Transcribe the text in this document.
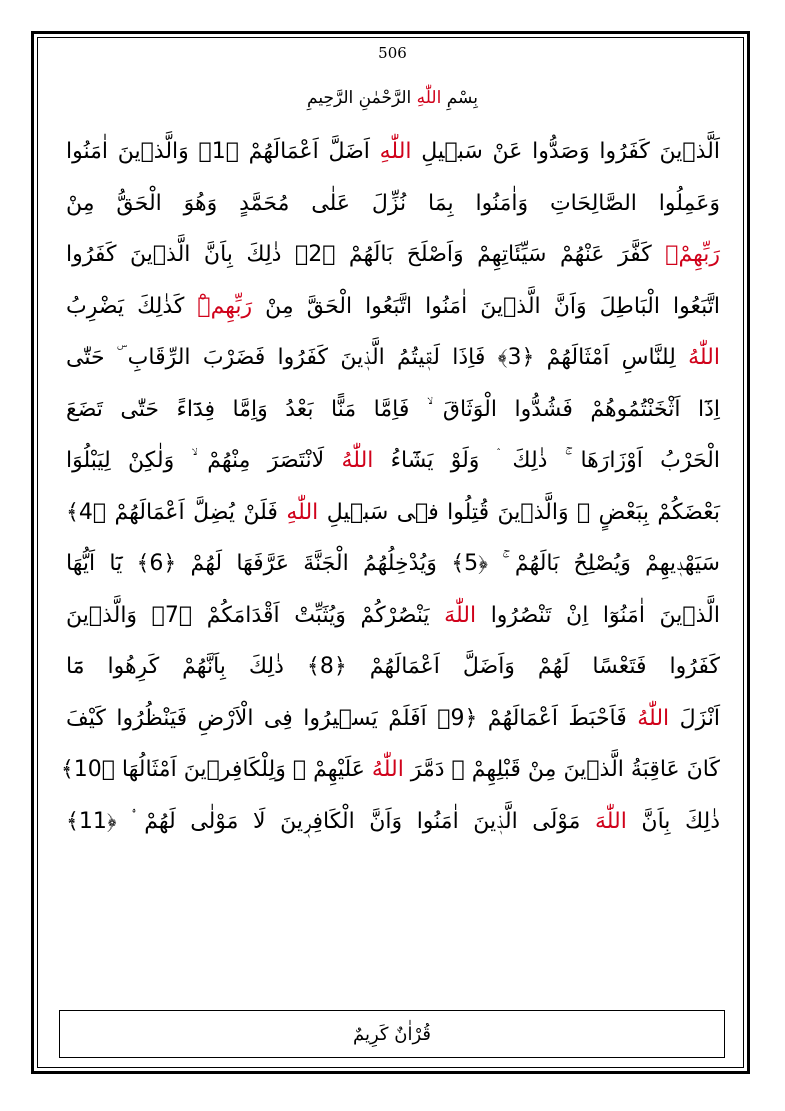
506
بِسْمِ اللّٰهِ الرَّحْمٰنِ الرَّحِيمِ
اَلَّذٖينَ كَفَرُوا وَصَدُّوا عَنْ سَبٖيلِ اللّٰهِ اَضَلَّ اَعْمَالَهُمْ ﴿1﴾ وَالَّذٖينَ اٰمَنُوا
وَعَمِلُوا الصَّالِحَاتِ وَاٰمَنُوا بِمَا نُزِّلَ عَلٰى مُحَمَّدٍ وَهُوَ الْحَقُّ مِنْ
رَبِّهِمْۙ كَفَّرَ عَنْهُمْ سَيِّئَاتِهِمْ وَاَصْلَحَ بَالَهُمْ ﴿2﴾ ذٰلِكَ بِاَنَّ الَّذٖينَ كَفَرُوا
اتَّبَعُوا الْبَاطِلَ وَاَنَّ الَّذٖينَ اٰمَنُوا اتَّبَعُوا الْحَقَّ مِنْ رَبِّهِمْۜ كَذٰلِكَ يَضْرِبُ
اللّٰهُ لِلنَّاسِ اَمْثَالَهُمْ ﴿3﴾ فَاِذَا لَقٖيتُمُ الَّذٖينَ كَفَرُوا فَضَرْبَ الرِّقَابِ ۜ حَتّٰى
اِذَٓا اَثْخَنْتُمُوهُمْ فَشُدُّوا الْوَثَاقَ ۙ فَاِمَّا مَنًّا بَعْدُ وَاِمَّا فِدَٓاءً حَتّٰى تَضَعَ
الْحَرْبُ اَوْزَارَهَا ۚ ذٰلِكَ ۛ وَلَوْ يَشَٓاءُ اللّٰهُ لَانْتَصَرَ مِنْهُمْ ۙ وَلٰكِنْ لِيَبْلُوَا
بَعْضَكُمْ بِبَعْضٍ ۜ وَالَّذٖينَ قُتِلُوا فٖى سَبٖيلِ اللّٰهِ فَلَنْ يُضِلَّ اَعْمَالَهُمْ ﴿4﴾
سَيَهْدٖيهِمْ وَيُصْلِحُ بَالَهُمْ ۚ ﴿5﴾ وَيُدْخِلُهُمُ الْجَنَّةَ عَرَّفَهَا لَهُمْ ﴿6﴾ يَٓا اَيُّهَا
الَّذٖينَ اٰمَنُوٓا اِنْ تَنْصُرُوا اللّٰهَ يَنْصُرْكُمْ وَيُثَبِّتْ اَقْدَامَكُمْ ﴿7﴾ وَالَّذٖينَ
كَفَرُوا فَتَعْسًا لَهُمْ وَاَضَلَّ اَعْمَالَهُمْ ﴿8﴾ ذٰلِكَ بِاَنَّهُمْ كَرِهُوا مَٓا
اَنْزَلَ اللّٰهُ فَاَحْبَطَ اَعْمَالَهُمْ ﴿9﴾ اَفَلَمْ يَسٖيرُوا فِى الْاَرْضِ فَيَنْظُرُوا كَيْفَ
كَانَ عَاقِبَةُ الَّذٖينَ مِنْ قَبْلِهِمْ ۜ دَمَّرَ اللّٰهُ عَلَيْهِمْ ۘ وَلِلْكَافِرٖينَ اَمْثَالُهَا ﴿10﴾
ذٰلِكَ بِاَنَّ اللّٰهَ مَوْلَى الَّذٖينَ اٰمَنُوا وَاَنَّ الْكَافِرٖينَ لَا مَوْلٰى لَهُمْ ۟ ﴿11﴾
قُرْاٰنٌ كَرِيمٌ
